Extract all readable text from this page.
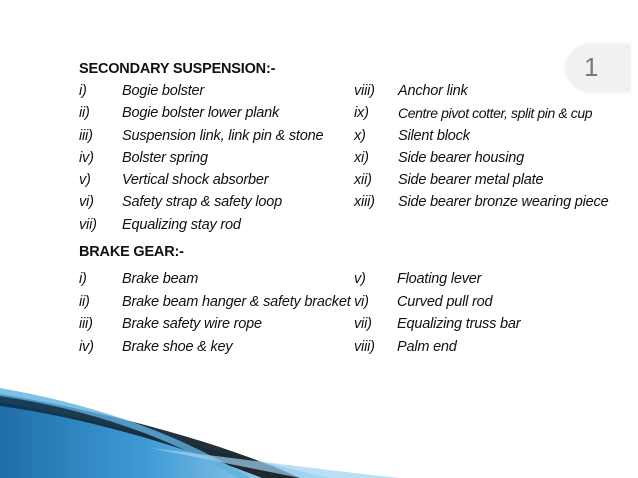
1
SECONDARY SUSPENSION:-
i) Bogie bolster
ii) Bogie bolster lower plank
iii) Suspension link, link pin & stone
iv) Bolster spring
v) Vertical shock absorber
vi) Safety strap & safety loop
vii) Equalizing stay rod
viii) Anchor link
ix) Centre pivot cotter, split pin & cup
x) Silent block
xi) Side bearer housing
xii) Side bearer metal plate
xiii) Side bearer bronze wearing piece
BRAKE GEAR:-
i) Brake beam
ii) Brake beam hanger & safety bracket
iii) Brake safety wire rope
iv) Brake shoe & key
v) Floating lever
vi) Curved pull rod
vii) Equalizing truss bar
viii) Palm end
